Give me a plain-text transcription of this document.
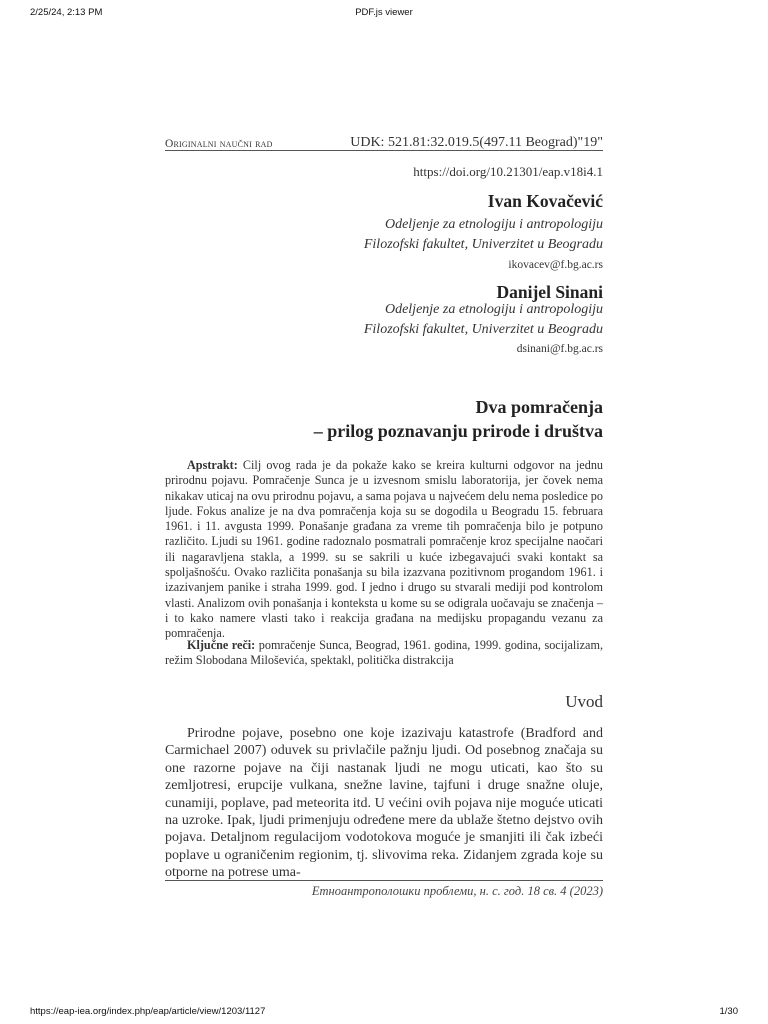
2/25/24, 2:13 PM	PDF.js viewer
Originalni naučni rad	UDK: 521.81:32.019.5(497.11 Beograd)"19"
https://doi.org/10.21301/eap.v18i4.1
Ivan Kovačević
Odeljenje za etnologiju i antropologiju
Filozofski fakultet, Univerzitet u Beogradu
ikovacev@f.bg.ac.rs
Danijel Sinani
Odeljenje za etnologiju i antropologiju
Filozofski fakultet, Univerzitet u Beogradu
dsinani@f.bg.ac.rs
Dva pomračenja
– prilog poznavanju prirode i društva

Apstrakt: Cilj ovog rada je da pokaže kako se kreira kulturni odgovor na jednu prirodnu pojavu. Pomračenje Sunca je u izvesnom smislu laboratorija, jer čovek nema nikakav uticaj na ovu prirodnu pojavu, a sama pojava u najvećem delu nema posledice po ljude. Fokus analize je na dva pomračenja koja su se dogodila u Beogradu 15. februara 1961. i 11. avgusta 1999. Ponašanje građana za vreme tih pomračenja bilo je potpuno različito. Ljudi su 1961. godine radoznalo posmatrali pomračenje kroz specijalne naočari ili nagaravljena stakla, a 1999. su se sakrili u kuće izbegavajući svaki kontakt sa spoljašnošću. Ovako različita ponašanja su bila izazvana pozitivnom progandom 1961. i izazivanjem panike i straha 1999. god. I jedno i drugo su stvarali mediji pod kontrolom vlasti. Analizom ovih ponašanja i konteksta u kome su se odigrala uočavaju se značenja – i to kako namere vlasti tako i reakcija građana na medijsku propagandu vezanu za pomračenja.

Ključne reči: pomračenje Sunca, Beograd, 1961. godina, 1999. godina, socijalizam, režim Slobodana Miloševića, spektakl, politička distrakcija

Uvod

Prirodne pojave, posebno one koje izazivaju katastrofe (Bradford and Carmichael 2007) oduvek su privlačile pažnju ljudi. Od posebnog značaja su one razorne pojave na čiji nastanak ljudi ne mogu uticati, kao što su zemljotresi, erupcije vulkana, snežne lavine, tajfuni i druge snažne oluje, cunamiji, poplave, pad meteorita itd. U većini ovih pojava nije moguće uticati na uzroke. Ipak, ljudi primenjuju određene mere da ublaže štetno dejstvo ovih pojava. Detaljnom regulacijom vodotokova moguće je smanjiti ili čak izbeći poplave u ograničenim regionim, tj. slivovima reka. Zidanjem zgrada koje su otporne na potrese uma-

Етноантрополошки проблеми, н. с. год. 18 св. 4 (2023)
https://eap-iea.org/index.php/eap/article/view/1203/1127	1/30
